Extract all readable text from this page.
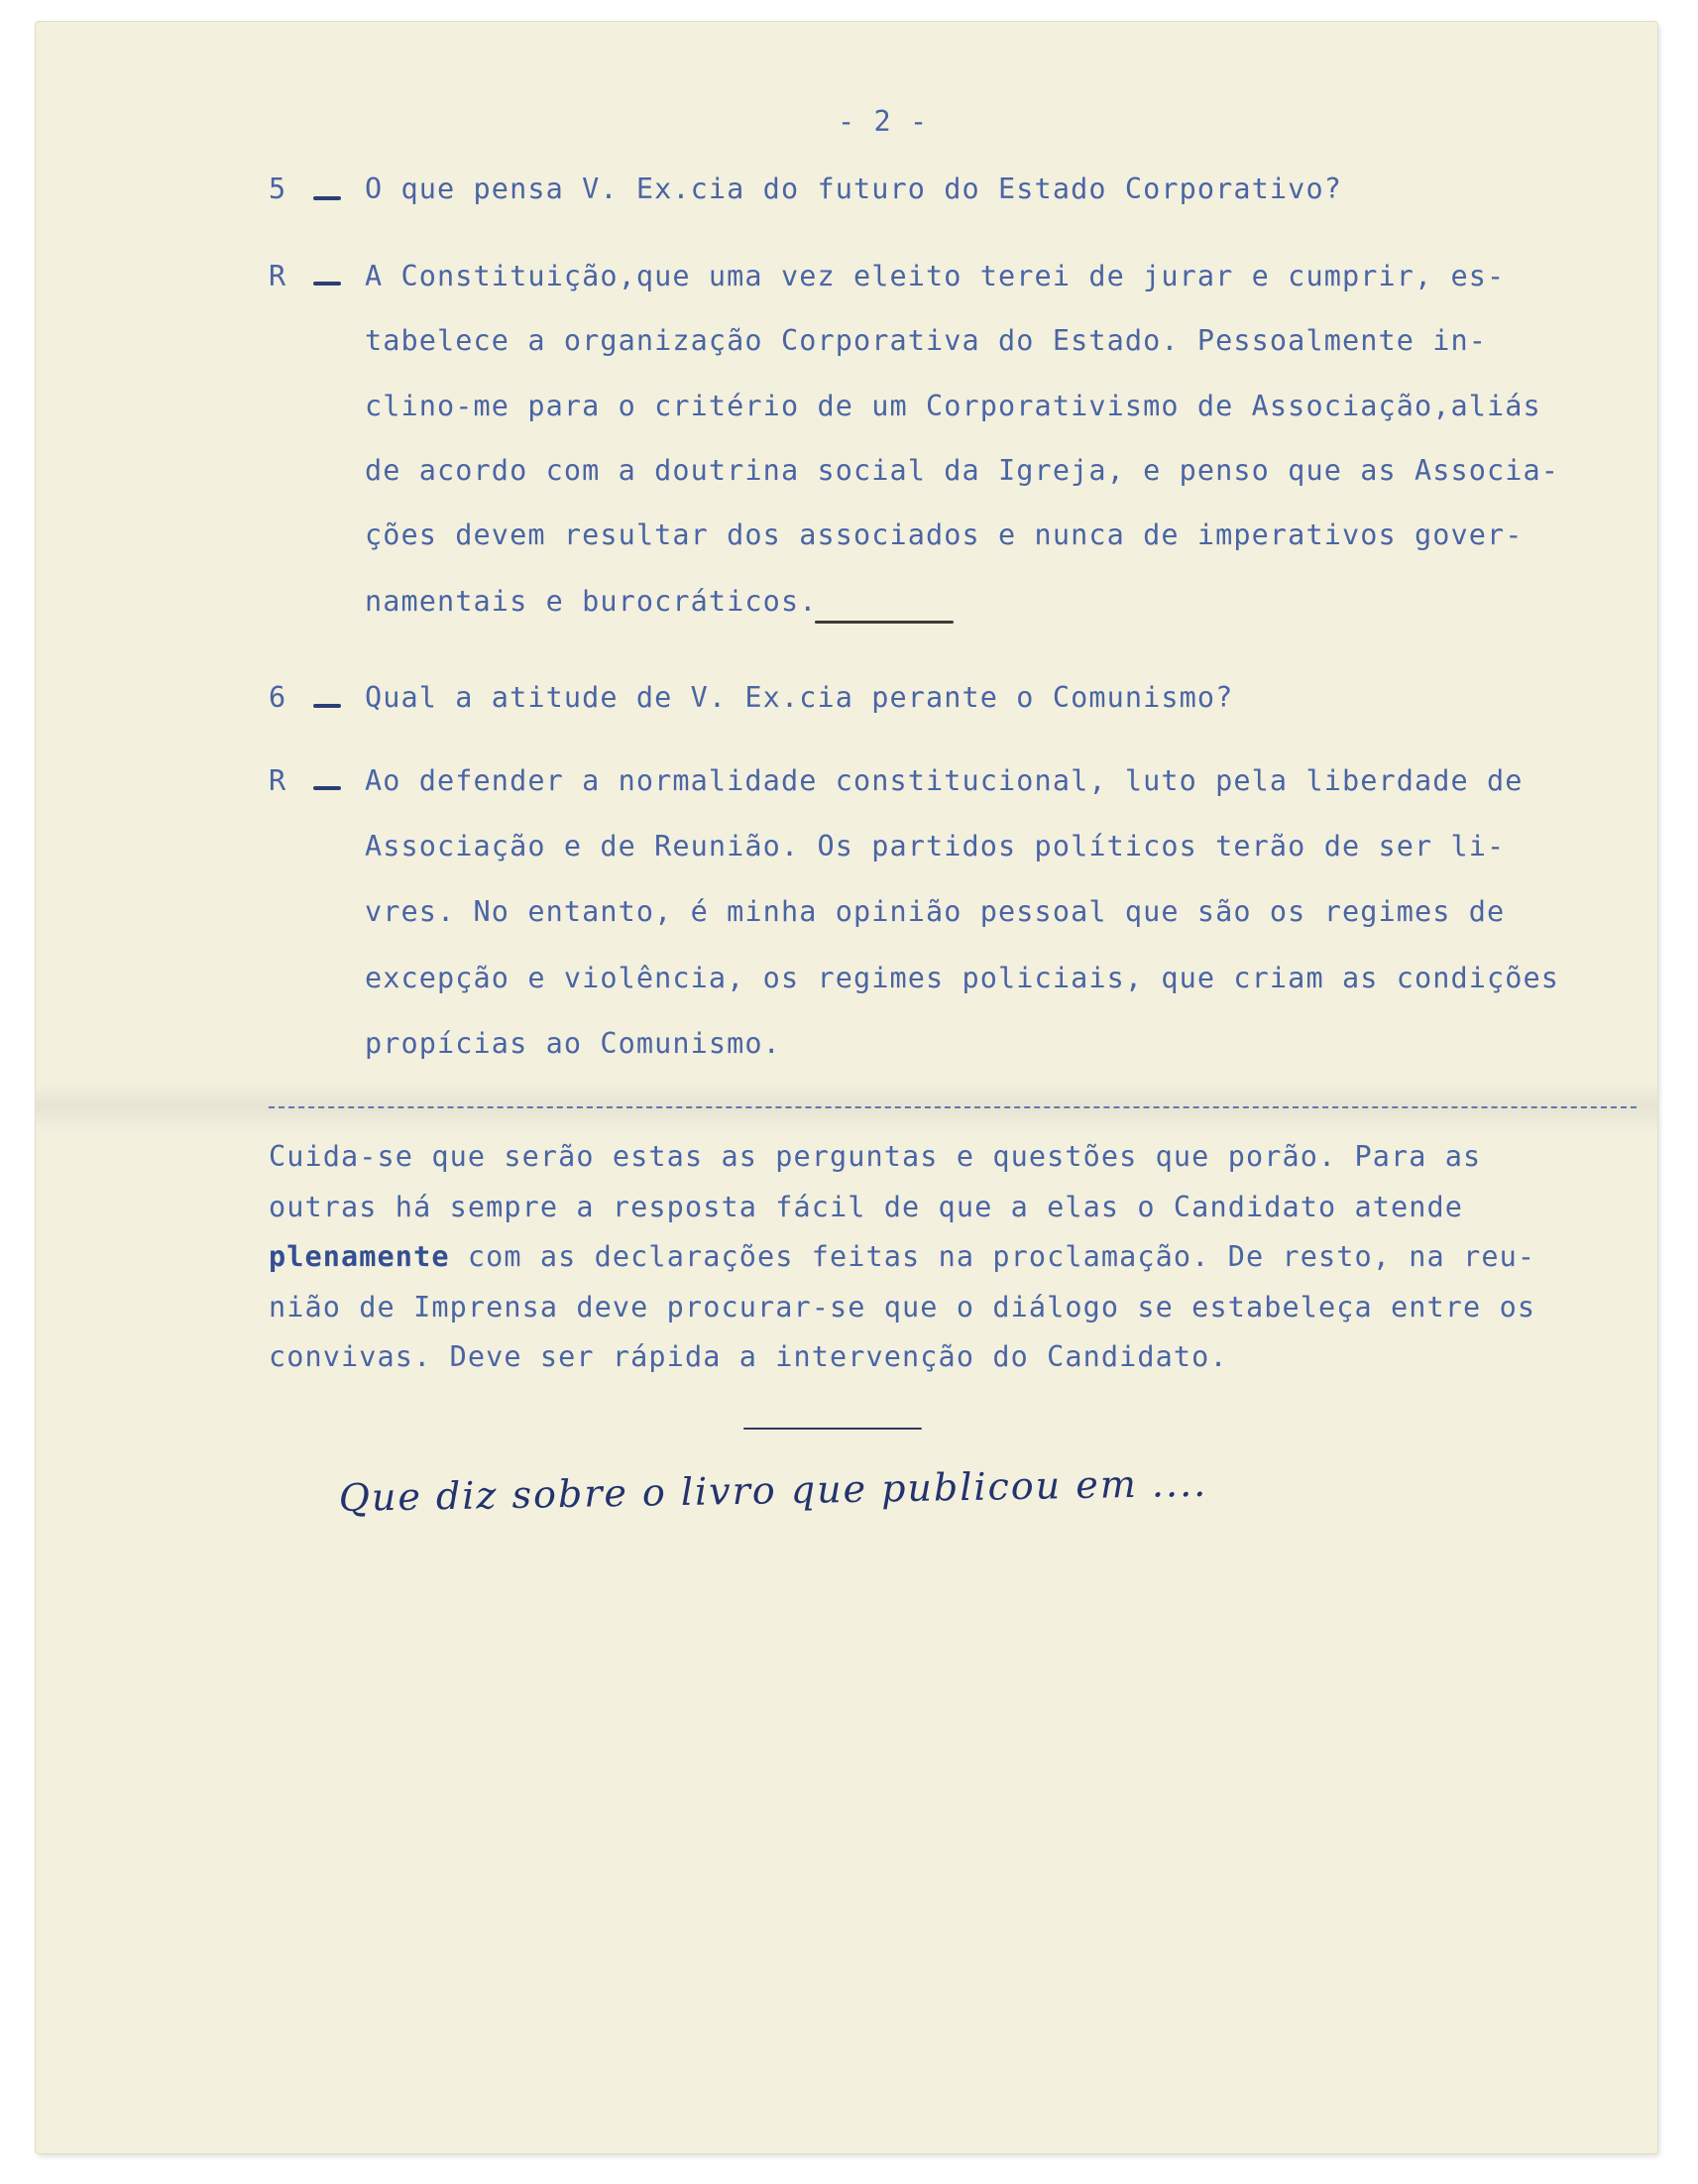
- 2 -
5	O que pensa V. Ex.cia do futuro do Estado Corporativo?
R	A Constituição,que uma vez eleito terei de jurar e cumprir, es-
tabelece a organização Corporativa do Estado. Pessoalmente in-
clino-me para o critério de um Corporativismo de Associação,aliás
de acordo com a doutrina social da Igreja, e penso que as Associa-
ções devem resultar dos associados e nunca de imperativos gover-
namentais e burocráticos.
6	Qual a atitude de V. Ex.cia perante o Comunismo?
R	Ao defender a normalidade constitucional, luto pela liberdade de
Associação e de Reunião. Os partidos políticos terão de ser li-
vres. No entanto, é minha opinião pessoal que são os regimes de
excepção e violência, os regimes policiais, que criam as condições
propícias ao Comunismo.
Cuida-se que serão estas as perguntas e questões que porão. Para as
outras há sempre a resposta fácil de que a elas o Candidato atende
plenamente com as declarações feitas na proclamação. De resto, na reu-
nião de Imprensa deve procurar-se que o diálogo se estabeleça entre os
convivas. Deve ser rápida a intervenção do Candidato.
Que diz sobre o livro que publicou em ....
